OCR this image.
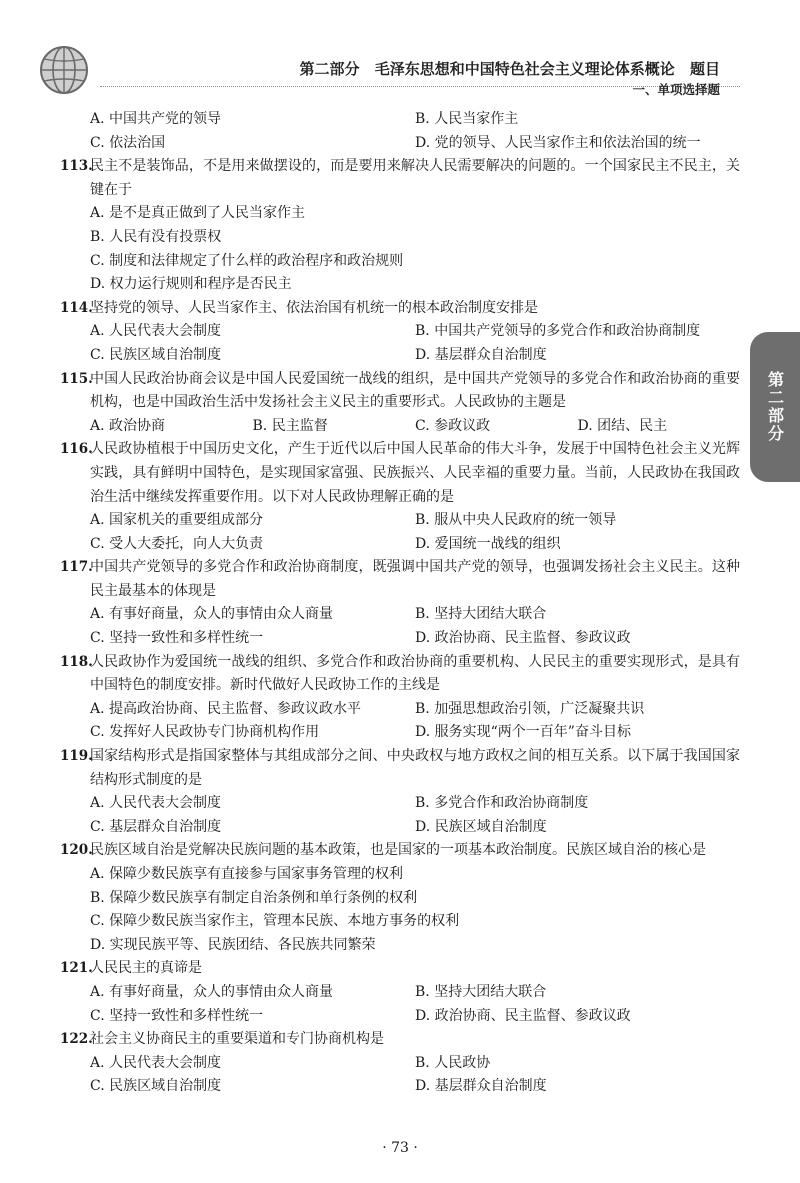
第二部分 毛泽东思想和中国特色社会主义理论体系概论 题目
一、单项选择题
第二部分
A. 中国共产党的领导	B. 人民当家作主
C. 依法治国	D. 党的领导、人民当家作主和依法治国的统一
113.
民主不是装饰品，不是用来做摆设的，而是要用来解决人民需要解决的问题的。一个国家民主不民主，关键在于
A. 是不是真正做到了人民当家作主
B. 人民有没有投票权
C. 制度和法律规定了什么样的政治程序和政治规则
D. 权力运行规则和程序是否民主
114.
坚持党的领导、人民当家作主、依法治国有机统一的根本政治制度安排是
A. 人民代表大会制度	B. 中国共产党领导的多党合作和政治协商制度
C. 民族区域自治制度	D. 基层群众自治制度
115.
中国人民政治协商会议是中国人民爱国统一战线的组织，是中国共产党领导的多党合作和政治协商的重要机构，也是中国政治生活中发扬社会主义民主的重要形式。人民政协的主题是
A. 政治协商	B. 民主监督	C. 参政议政	D. 团结、民主
116.
人民政协植根于中国历史文化，产生于近代以后中国人民革命的伟大斗争，发展于中国特色社会主义光辉实践，具有鲜明中国特色，是实现国家富强、民族振兴、人民幸福的重要力量。当前，人民政协在我国政治生活中继续发挥重要作用。以下对人民政协理解正确的是
A. 国家机关的重要组成部分	B. 服从中央人民政府的统一领导
C. 受人大委托，向人大负责	D. 爱国统一战线的组织
117.
中国共产党领导的多党合作和政治协商制度，既强调中国共产党的领导，也强调发扬社会主义民主。这种民主最基本的体现是
A. 有事好商量，众人的事情由众人商量	B. 坚持大团结大联合
C. 坚持一致性和多样性统一	D. 政治协商、民主监督、参政议政
118.
人民政协作为爱国统一战线的组织、多党合作和政治协商的重要机构、人民民主的重要实现形式，是具有中国特色的制度安排。新时代做好人民政协工作的主线是
A. 提高政治协商、民主监督、参政议政水平	B. 加强思想政治引领，广泛凝聚共识
C. 发挥好人民政协专门协商机构作用	D. 服务实现“两个一百年”奋斗目标
119.
国家结构形式是指国家整体与其组成部分之间、中央政权与地方政权之间的相互关系。以下属于我国国家结构形式制度的是
A. 人民代表大会制度	B. 多党合作和政治协商制度
C. 基层群众自治制度	D. 民族区域自治制度
120.
民族区域自治是党解决民族问题的基本政策，也是国家的一项基本政治制度。民族区域自治的核心是
A. 保障少数民族享有直接参与国家事务管理的权利
B. 保障少数民族享有制定自治条例和单行条例的权利
C. 保障少数民族当家作主，管理本民族、本地方事务的权利
D. 实现民族平等、民族团结、各民族共同繁荣
121.
人民民主的真谛是
A. 有事好商量，众人的事情由众人商量	B. 坚持大团结大联合
C. 坚持一致性和多样性统一	D. 政治协商、民主监督、参政议政
122.
社会主义协商民主的重要渠道和专门协商机构是
A. 人民代表大会制度	B. 人民政协
C. 民族区域自治制度	D. 基层群众自治制度
· 73 ·
